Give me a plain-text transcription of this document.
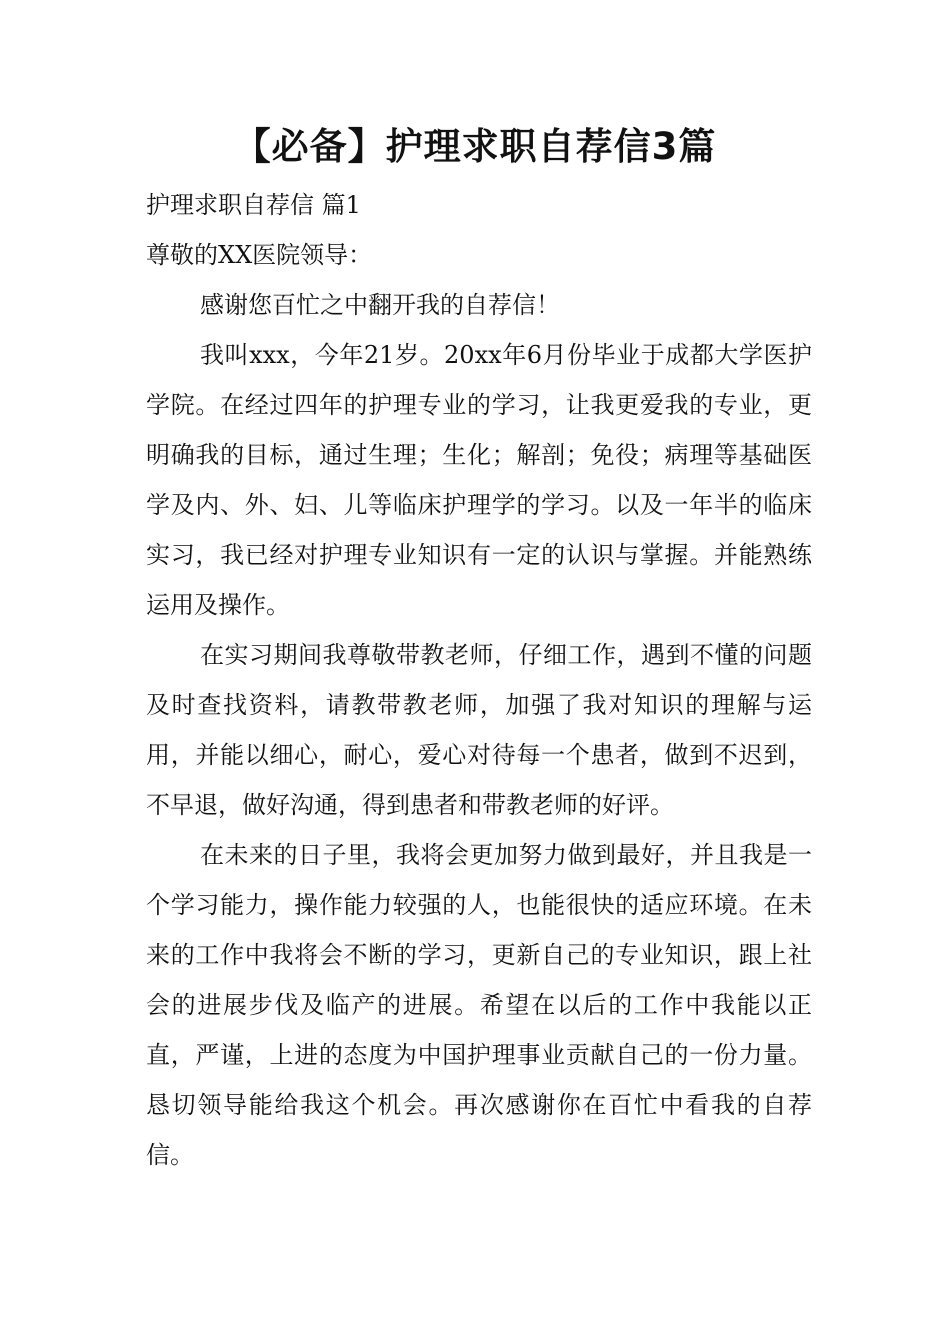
【必备】护理求职自荐信3篇

护理求职自荐信 篇1

尊敬的XX医院领导：

感谢您百忙之中翻开我的自荐信！

我叫xxx，今年21岁。20xx年6月份毕业于成都大学医护学院。在经过四年的护理专业的学习，让我更爱我的专业，更明确我的目标，通过生理；生化；解剖；免役；病理等基础医学及内、外、妇、儿等临床护理学的学习。以及一年半的临床实习，我已经对护理专业知识有一定的认识与掌握。并能熟练运用及操作。

在实习期间我尊敬带教老师，仔细工作，遇到不懂的问题及时查找资料，请教带教老师，加强了我对知识的理解与运用，并能以细心，耐心，爱心对待每一个患者，做到不迟到，不早退，做好沟通，得到患者和带教老师的好评。

在未来的日子里，我将会更加努力做到最好，并且我是一个学习能力，操作能力较强的人，也能很快的适应环境。在未来的工作中我将会不断的学习，更新自己的专业知识，跟上社会的进展步伐及临产的进展。希望在以后的工作中我能以正直，严谨，上进的态度为中国护理事业贡献自己的一份力量。恳切领导能给我这个机会。再次感谢你在百忙中看我的自荐信。
